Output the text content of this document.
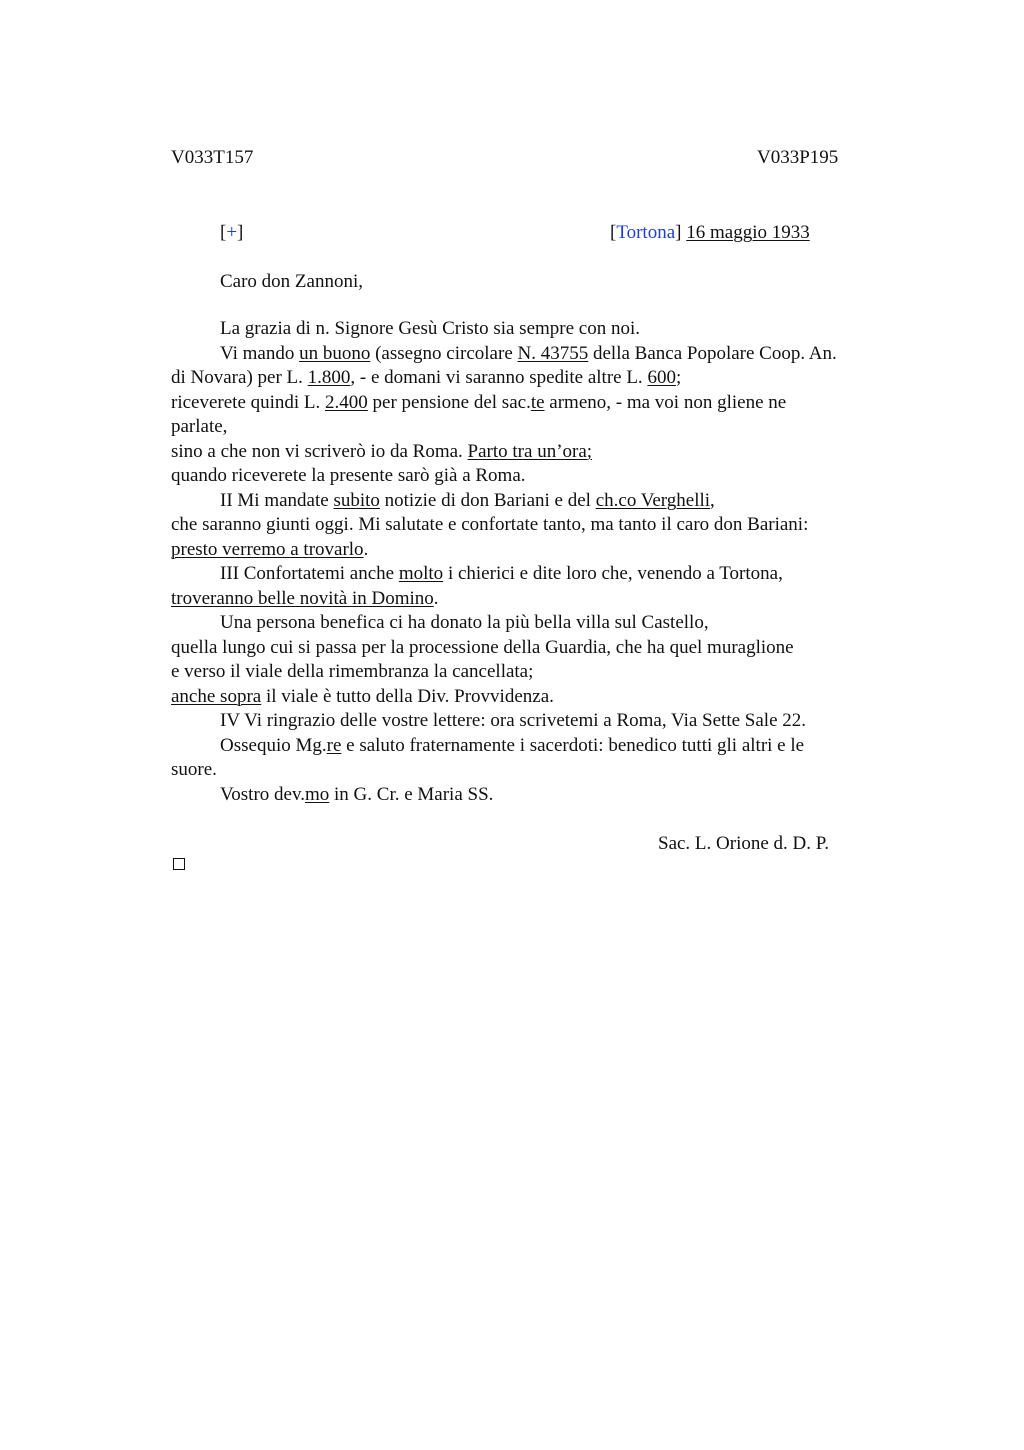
V033T157	V033P195
[+]	[Tortona] 16 maggio 1933
Caro don Zannoni,

La grazia di n. Signore Gesù Cristo sia sempre con noi.

Vi mando un buono (assegno circolare N. 43755 della Banca Popolare Coop. An.

di Novara) per L. 1.800, - e domani vi saranno spedite altre L. 600;

riceverete quindi L. 2.400 per pensione del sac.te armeno, - ma voi non gliene ne

parlate,

sino a che non vi scriverò io da Roma. Parto tra un’ora;

quando riceverete la presente sarò già a Roma.

II Mi mandate subito notizie di don Bariani e del ch.co Verghelli,

che saranno giunti oggi. Mi salutate e confortate tanto, ma tanto il caro don Bariani:

presto verremo a trovarlo.

III Confortatemi anche molto i chierici e dite loro che, venendo a Tortona,

troveranno belle novità in Domino.

Una persona benefica ci ha donato la più bella villa sul Castello,

quella lungo cui si passa per la processione della Guardia, che ha quel muraglione

e verso il viale della rimembranza la cancellata;

anche sopra il viale è tutto della Div. Provvidenza.

IV Vi ringrazio delle vostre lettere: ora scrivetemi a Roma, Via Sette Sale 22.

Ossequio Mg.re e saluto fraternamente i sacerdoti: benedico tutti gli altri e le

suore.

Vostro dev.mo in G. Cr. e Maria SS.

Sac. L. Orione d. D. P.
